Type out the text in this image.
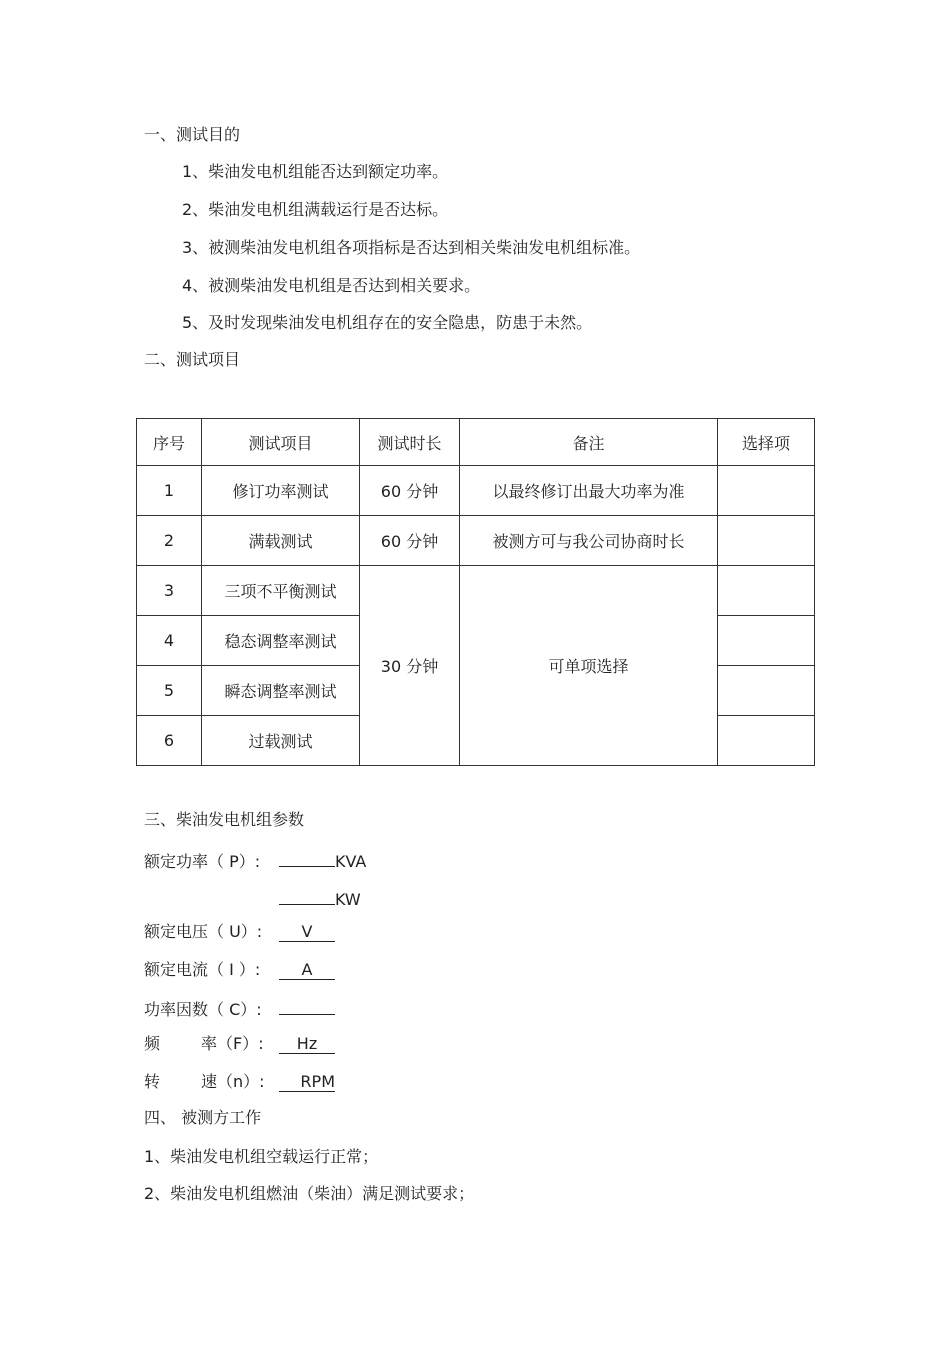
一、测试目的
1、柴油发电机组能否达到额定功率。
2、柴油发电机组满载运行是否达标。
3、被测柴油发电机组各项指标是否达到相关柴油发电机组标准。
4、被测柴油发电机组是否达到相关要求。
5、及时发现柴油发电机组存在的安全隐患，防患于未然。
二、测试项目
序号	测试项目	测试时长	备注	选择项
1	修订功率测试	60 分钟	以最终修订出最大功率为准	
2	满载测试	60 分钟	被测方可与我公司协商时长	
3	三项不平衡测试	30 分钟	可单项选择	
4	稳态调整率测试			
5	瞬态调整率测试			
6	过载测试			
三、柴油发电机组参数
额定功率（ P）:	KVA
KW
额定电压（ U）: V
额定电流（ I ）:	A
功率因数（ C）:
频	率（F）: Hz
转	速（n）: RPM
四、 被测方工作
1、柴油发电机组空载运行正常；
2、柴油发电机组燃油（柴油）满足测试要求；
